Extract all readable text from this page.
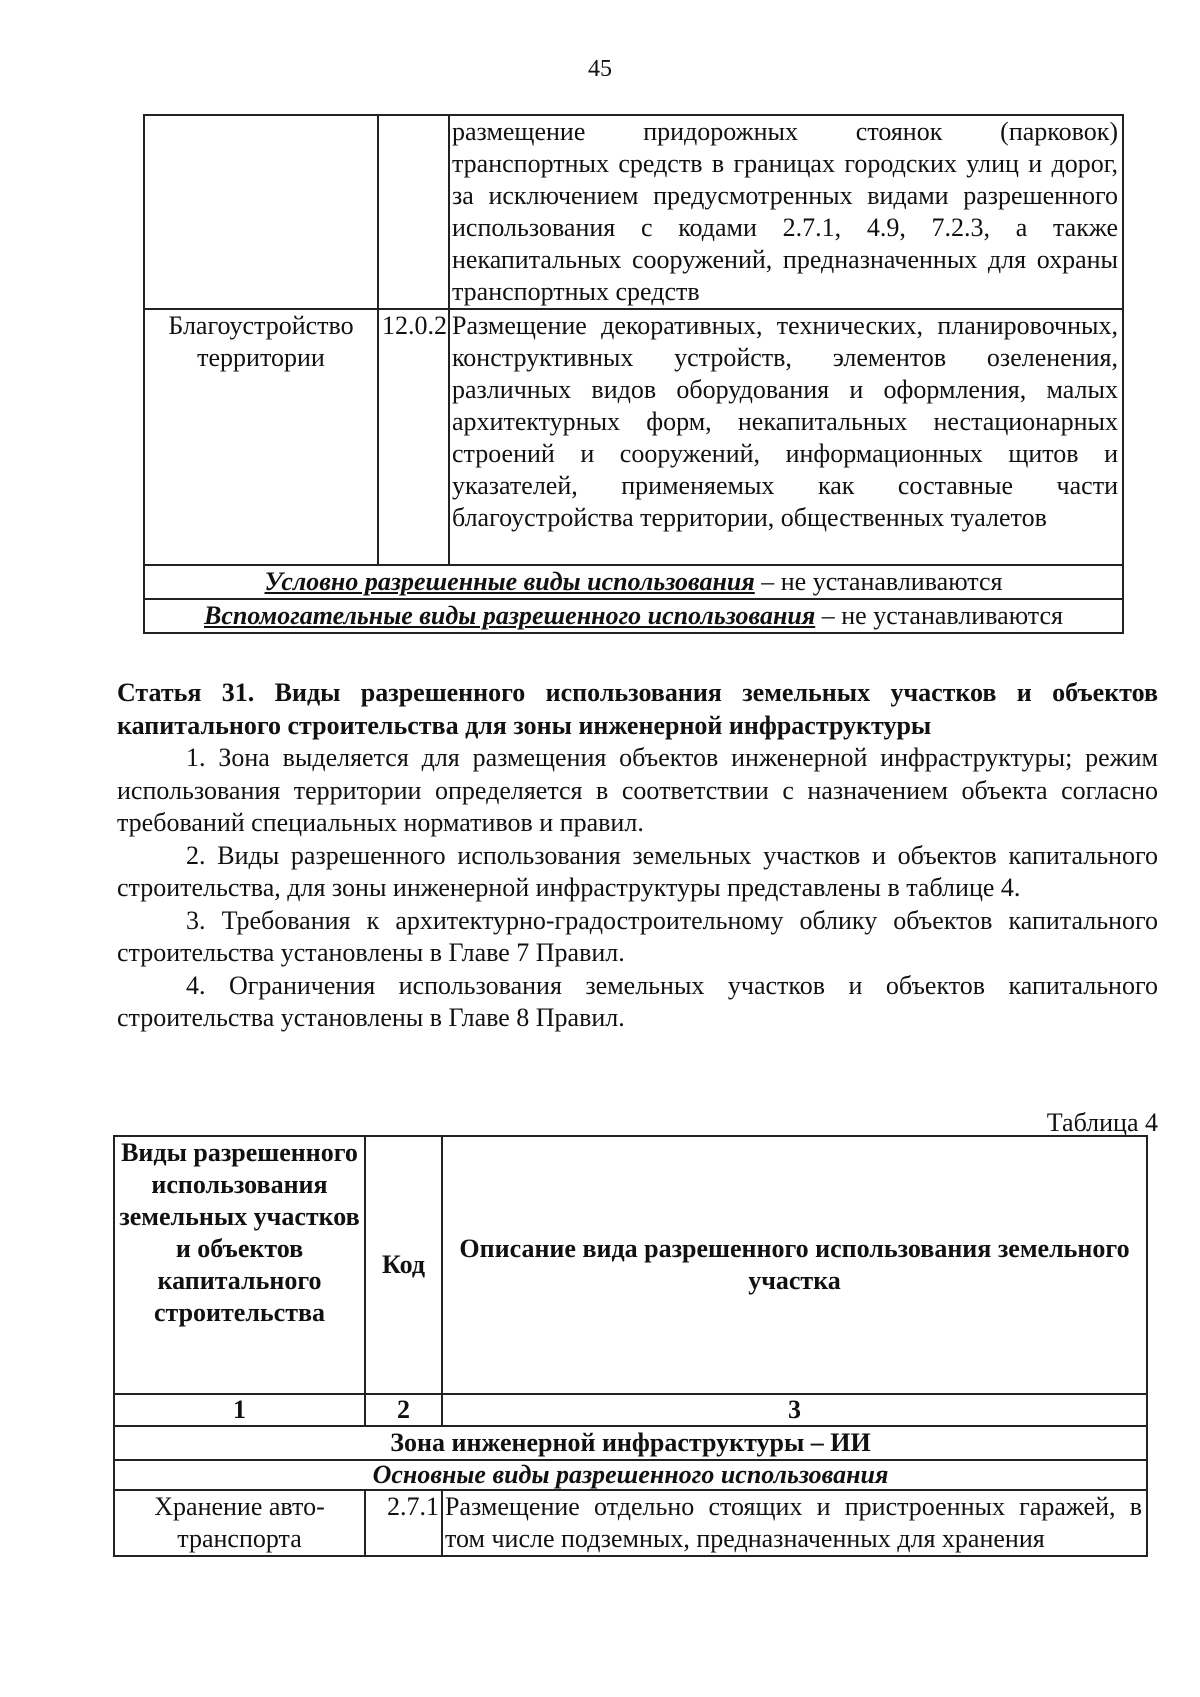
45
		размещение придорожных стоянок (парковок) транспортных средств в границах городских улиц и дорог, за исключением предусмотренных видами разрешенного использования с кодами 2.7.1, 4.9, 7.2.3, а также некапитальных сооружений, предназначенных для охраны транспортных средств
Благоустройство территории	12.0.2	Размещение декоративных, технических, планировочных, конструктивных устройств, элементов озеленения, различных видов оборудования и оформления, малых архитектурных форм, некапитальных нестационарных строений и сооружений, информационных щитов и указателей, применяемых как составные части благоустройства территории, общественных туалетов
Условно разрешенные виды использования – не устанавливаются		
Вспомогательные виды разрешенного использования – не устанавливаются		
Статья 31. Виды разрешенного использования земельных участков и объектов капитального строительства для зоны инженерной инфраструктуры

1. Зона выделяется для размещения объектов инженерной инфраструктуры; режим использования территории определяется в соответствии с назначением объекта согласно требований специальных нормативов и правил.

2. Виды разрешенного использования земельных участков и объектов капитального строительства, для зоны инженерной инфраструктуры представлены в таблице 4.

3. Требования к архитектурно-градостроительному облику объектов капитального строительства установлены в Главе 7 Правил.

4. Ограничения использования земельных участков и объектов капитального строительства установлены в Главе 8 Правил.

Таблица 4
Виды разрешенного использования земельных участков и объектов капитального строительства	Код	Описание вида разрешенного использования земельного участка
1	2	3
Зона инженерной инфраструктуры – ИИ		
Основные виды разрешенного использования		
Хранение авто-транспорта	2.7.1	Размещение отдельно стоящих и пристроенных гаражей, в том числе подземных, предназначенных для хранения
